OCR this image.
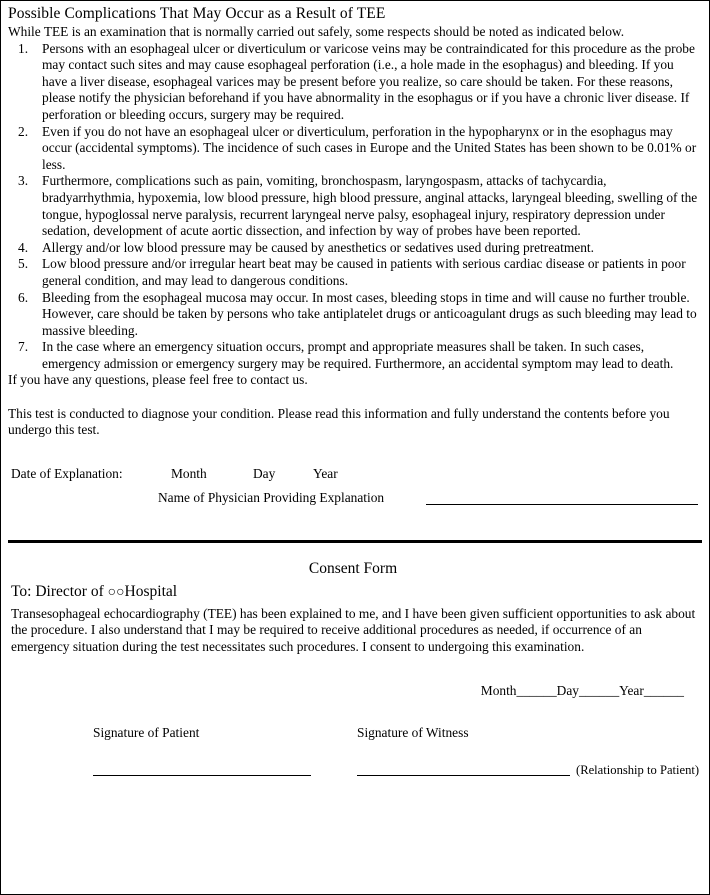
Possible Complications That May Occur as a Result of TEE
While TEE is an examination that is normally carried out safely, some respects should be noted as indicated below.
1.	Persons with an esophageal ulcer or diverticulum or varicose veins may be contraindicated for this procedure as the probe may contact such sites and may cause esophageal perforation (i.e., a hole made in the esophagus) and bleeding. If you have a liver disease, esophageal varices may be present before you realize, so care should be taken. For these reasons, please notify the physician beforehand if you have abnormality in the esophagus or if you have a chronic liver disease. If perforation or bleeding occurs, surgery may be required.
2.	Even if you do not have an esophageal ulcer or diverticulum, perforation in the hypopharynx or in the esophagus may occur (accidental symptoms). The incidence of such cases in Europe and the United States has been shown to be 0.01% or less.
3.	Furthermore, complications such as pain, vomiting, bronchospasm, laryngospasm, attacks of tachycardia, bradyarrhythmia, hypoxemia, low blood pressure, high blood pressure, anginal attacks, laryngeal bleeding, swelling of the tongue, hypoglossal nerve paralysis, recurrent laryngeal nerve palsy, esophageal injury, respiratory depression under sedation, development of acute aortic dissection, and infection by way of probes have been reported.
4.	Allergy and/or low blood pressure may be caused by anesthetics or sedatives used during pretreatment.
5.	Low blood pressure and/or irregular heart beat may be caused in patients with serious cardiac disease or patients in poor general condition, and may lead to dangerous conditions.
6.	Bleeding from the esophageal mucosa may occur. In most cases, bleeding stops in time and will cause no further trouble. However, care should be taken by persons who take antiplatelet drugs or anticoagulant drugs as such bleeding may lead to massive bleeding.
7.	In the case where an emergency situation occurs, prompt and appropriate measures shall be taken. In such cases, emergency admission or emergency surgery may be required. Furthermore, an accidental symptom may lead to death.
If you have any questions, please feel free to contact us.
This test is conducted to diagnose your condition. Please read this information and fully understand the contents before you undergo this test.
Date of Explanation:	Month	Day	Year
Name of Physician Providing Explanation
Consent Form
To: Director of ○○Hospital
Transesophageal echocardiography (TEE) has been explained to me, and I have been given sufficient opportunities to ask about the procedure. I also understand that I may be required to receive additional procedures as needed, if occurrence of an emergency situation during the test necessitates such procedures. I consent to undergoing this examination.
Month______Day______Year______
Signature of Patient	Signature of Witness
(Relationship to Patient)
